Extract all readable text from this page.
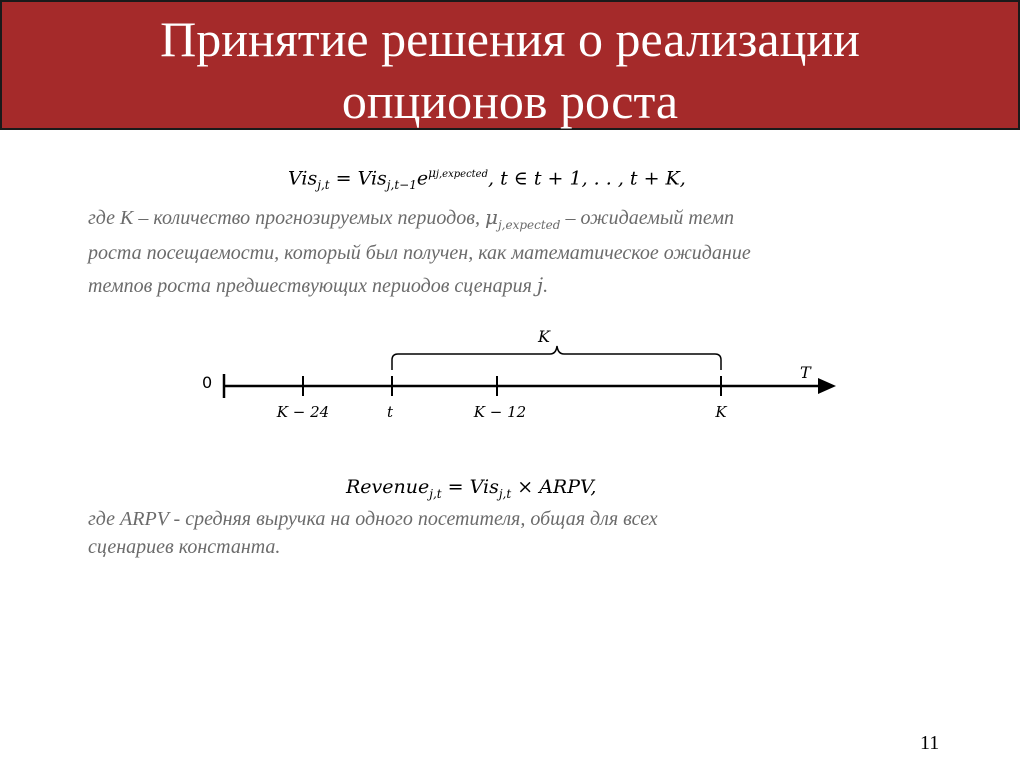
Принятие решения о реализации
опционов роста
$Vis_{j,t} = Vis_{j,t-1}e^{\mu j,expected}$, t ∈ t + 1, . . , t + K,
где K – количество прогнозируемых периодов, $\mu_{j,expected}$ – ожидаемый темп
роста посещаемости, который был получен, как математическое ожидание
темпов роста предшествующих периодов сценария j.
0
T
K
K − 24	t	K − 12	K
Revenue$_{j,t}$ = Vis$_{j,t}$ × ARPV,
где ARPV - средняя выручка на одного посетителя, общая для всех
сценариев константа.
11
